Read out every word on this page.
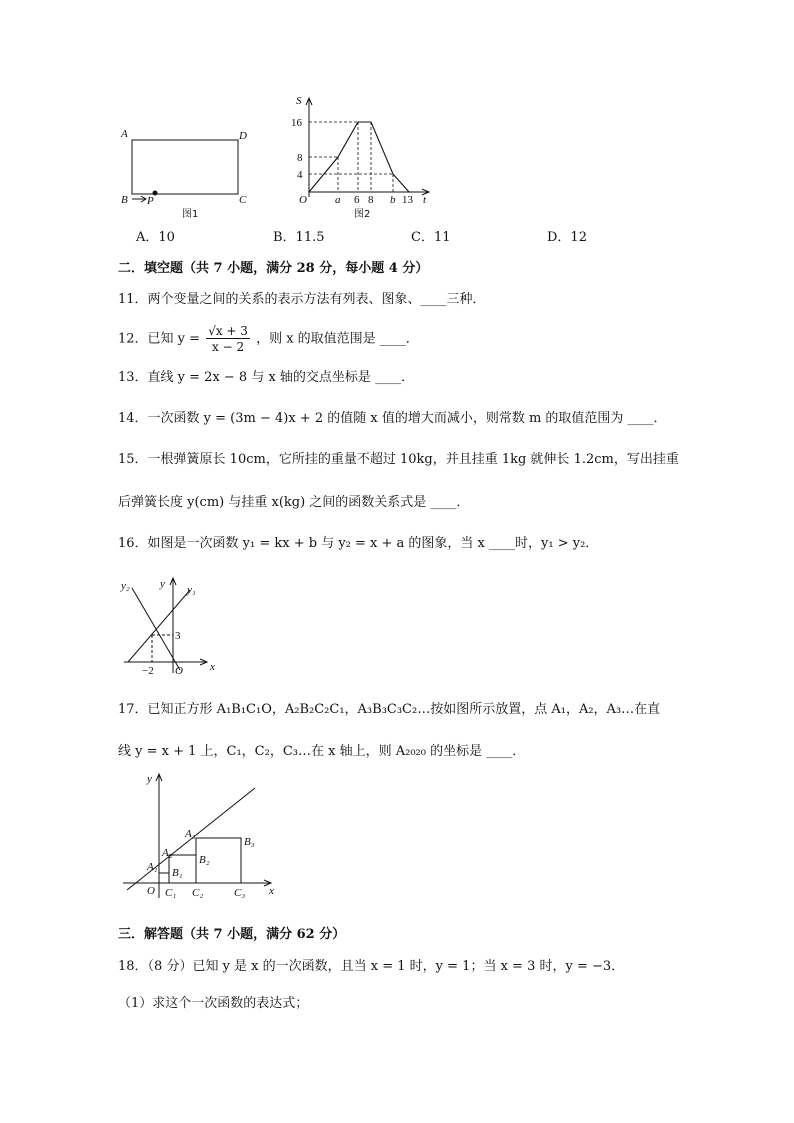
A	D
B P	C
图1
S
16
8
4
O	a 6 8 b 13 t
图2
A．10	B．11.5	C．11	D．12
二．填空题（共 7 小题，满分 28 分，每小题 4 分）
11．两个变量之间的关系的表示方法有列表、图象、____三种．
12．已知 $y = \frac{√x + 3}{x - 2}$ ，则 x 的取值范围是 ____．
13．直线 y = 2x − 8 与 x 轴的交点坐标是 ____．
14．一次函数 y = (3m − 4)x + 2 的值随 x 值的增大而减小，则常数 m 的取值范围为 ____．
15．一根弹簧原长 10cm，它所挂的重量不超过 10kg，并且挂重 1kg 就伸长 1.2cm，写出挂重
后弹簧长度 y(cm) 与挂重 x(kg) 之间的函数关系式是 ____．
16．如图是一次函数 y₁ = kx + b 与 y₂ = x + a 的图象，当 x ____时，y₁ > y₂．
y₂	y y₁
3
−2 O x
17．已知正方形 A₁B₁C₁O，A₂B₂C₂C₁，A₃B₃C₃C₂…按如图所示放置，点 A₁，A₂，A₃…在直
线 y = x + 1 上，C₁，C₂，C₃…在 x 轴上，则 A₂₀₂₀ 的坐标是 ____．
y
A₁
A₂
A₃
B₁
B₂
B₃
O C₁ C₂	C₃ x
三．解答题（共 7 小题，满分 62 分）
18．（8 分）已知 y 是 x 的一次函数，且当 x = 1 时，y = 1；当 x = 3 时，y = −3．
（1）求这个一次函数的表达式；
